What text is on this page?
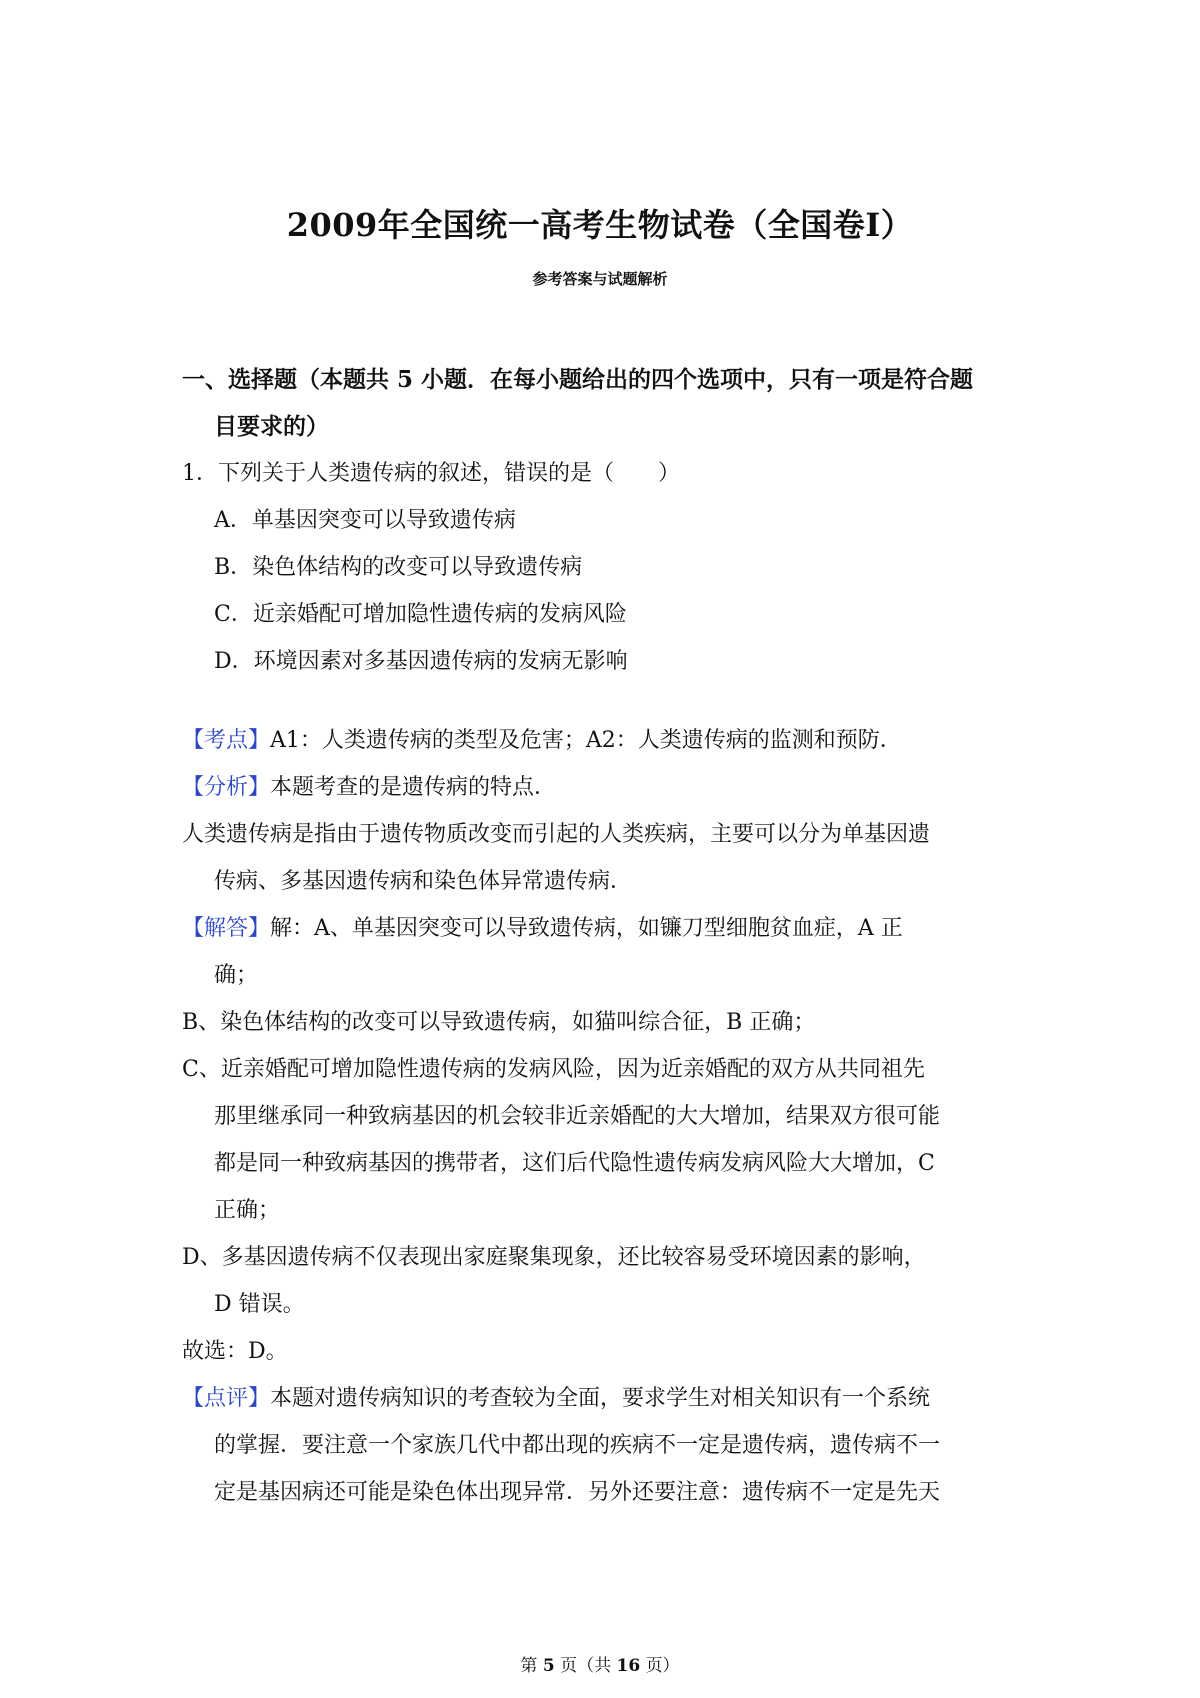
2009年全国统一高考生物试卷（全国卷I）
参考答案与试题解析
一、选择题（本题共 5 小题．在每小题给出的四个选项中，只有一项是符合题
目要求的）
1．下列关于人类遗传病的叙述，错误的是（　　）
A．单基因突变可以导致遗传病
B．染色体结构的改变可以导致遗传病
C．近亲婚配可增加隐性遗传病的发病风险
D．环境因素对多基因遗传病的发病无影响
【考点】A1：人类遗传病的类型及危害；A2：人类遗传病的监测和预防．
【分析】本题考查的是遗传病的特点．
人类遗传病是指由于遗传物质改变而引起的人类疾病，主要可以分为单基因遗
传病、多基因遗传病和染色体异常遗传病．
【解答】解：A、单基因突变可以导致遗传病，如镰刀型细胞贫血症，A 正
确；
B、染色体结构的改变可以导致遗传病，如猫叫综合征，B 正确；
C、近亲婚配可增加隐性遗传病的发病风险，因为近亲婚配的双方从共同祖先
那里继承同一种致病基因的机会较非近亲婚配的大大增加，结果双方很可能
都是同一种致病基因的携带者，这们后代隐性遗传病发病风险大大增加，C
正确；
D、多基因遗传病不仅表现出家庭聚集现象，还比较容易受环境因素的影响，
D 错误。
故选：D。
【点评】本题对遗传病知识的考查较为全面，要求学生对相关知识有一个系统
的掌握．要注意一个家族几代中都出现的疾病不一定是遗传病，遗传病不一
定是基因病还可能是染色体出现异常．另外还要注意：遗传病不一定是先天
第 5 页（共 16 页）
